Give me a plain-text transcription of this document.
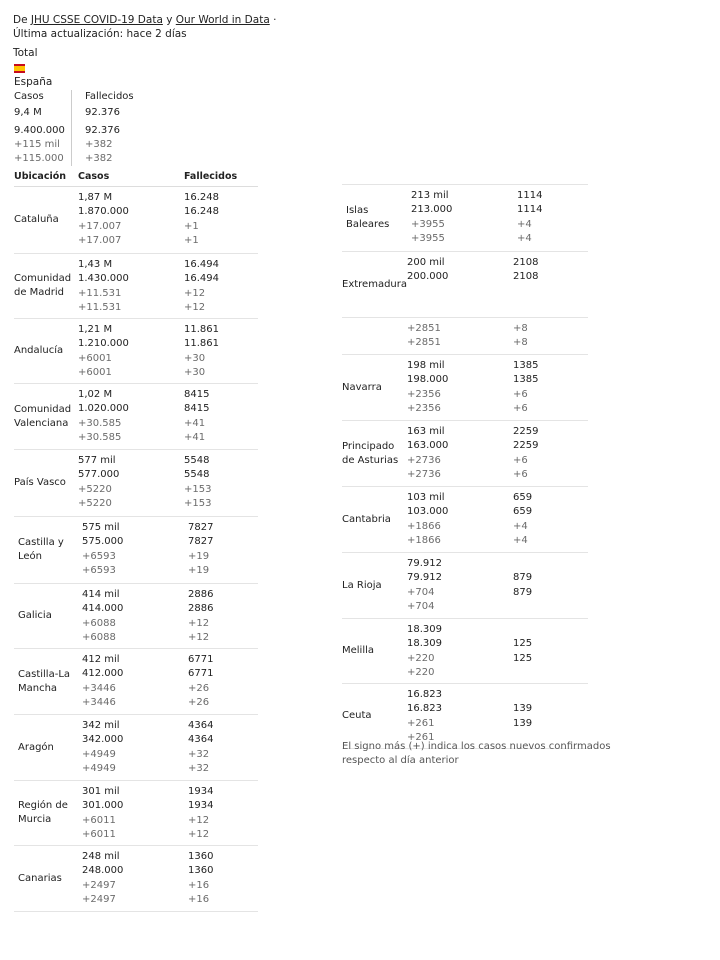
De JHU CSSE COVID-19 Data y Our World in Data · Última actualización: hace 2 días
Total
España
Casos
9,4 M
9.400.000
+115 mil
+115.000
Fallecidos
92.376
92.376
+382
+382
Ubicación Casos	Fallecidos
Cataluña
1,87 M
1.870.000
+17.007
+17.007
16.248
16.248
+1
+1
Comunidad de Madrid
1,43 M
1.430.000
+11.531
+11.531
16.494
16.494
+12
+12
Andalucía
1,21 M
1.210.000
+6001
+6001
11.861
11.861
+30
+30
Comunidad Valenciana
1,02 M
1.020.000
+30.585
+30.585
8415
8415
+41
+41
País Vasco
577 mil
577.000
+5220
+5220
5548
5548
+153
+153
Castilla y León
575 mil
575.000
+6593
+6593
7827
7827
+19
+19
Galicia
414 mil
414.000
+6088
+6088
2886
2886
+12
+12
Castilla-La Mancha
412 mil
412.000
+3446
+3446
6771
6771
+26
+26
Aragón
342 mil
342.000
+4949
+4949
4364
4364
+32
+32
Región de Murcia
301 mil
301.000
+6011
+6011
1934
1934
+12
+12
Canarias
248 mil
248.000
+2497
+2497
1360
1360
+16
+16
Islas Baleares
213 mil
213.000
+3955
+3955
1114
1114
+4
+4
Extremadura
200 mil
200.000
2108
2108
+2851
+2851
+8
+8
Navarra
198 mil
198.000
+2356
+2356
1385
1385
+6
+6
Principado de Asturias
163 mil
163.000
+2736
+2736
2259
2259
+6
+6
Cantabria
103 mil
103.000
+1866
+1866
659
659
+4
+4
La Rioja
79.912
79.912
+704
+704
879
879
Melilla
18.309
18.309
+220
+220
125
125
Ceuta
16.823
16.823
+261
+261
139
139
El signo más (+) indica los casos nuevos confirmados respecto al día anterior
